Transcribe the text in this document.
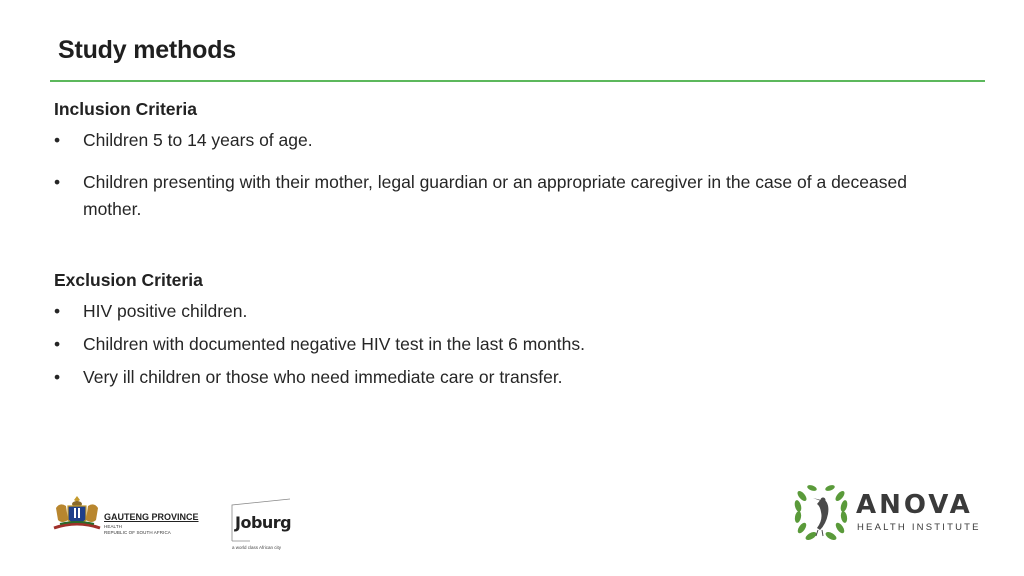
Study methods
Inclusion Criteria
•	Children 5 to 14 years of age.
•	Children presenting with their mother, legal guardian or an appropriate caregiver in the case of a deceased mother.
Exclusion Criteria
•	HIV positive children.
•	Children with documented negative HIV test in the last 6 months.
•	Very ill children or those who need immediate care or transfer.
GAUTENG PROVINCE
HEALTH
REPUBLIC OF SOUTH AFRICA
Joburg
a world class African city
ANOVA
HEALTH INSTITUTE
